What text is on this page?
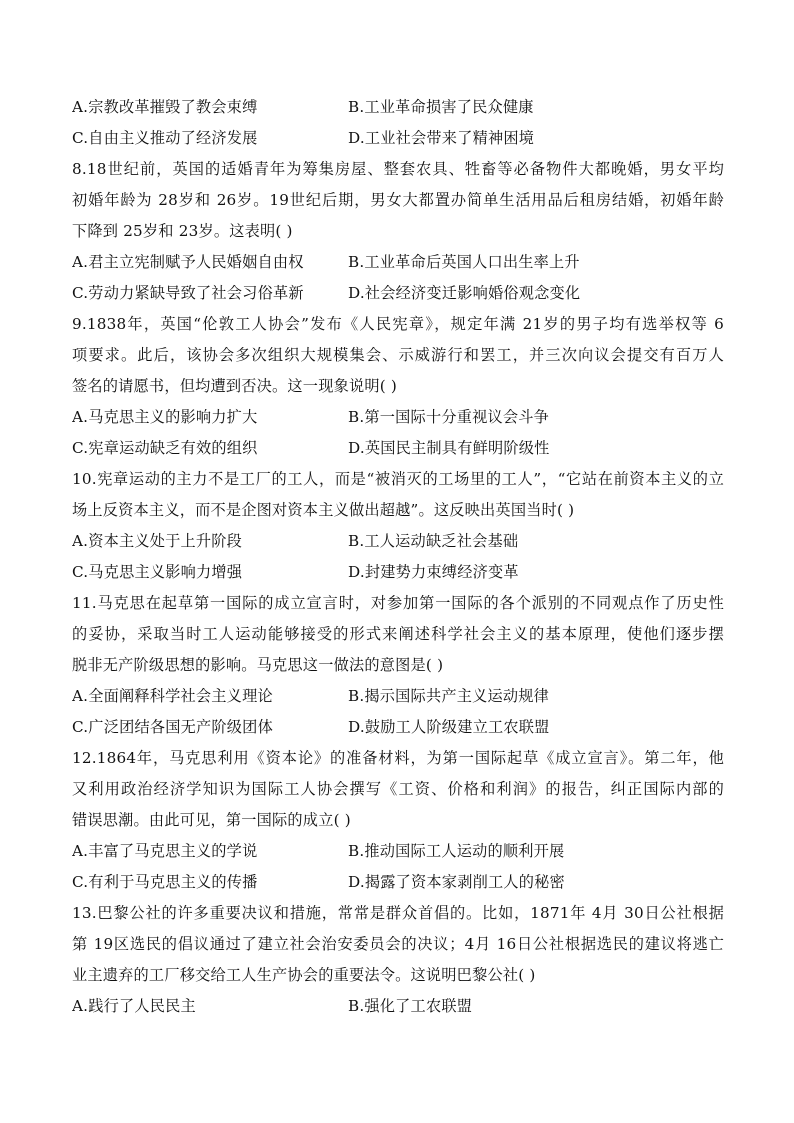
A.宗教改革摧毁了教会束缚	B.工业革命损害了民众健康
C.自由主义推动了经济发展	D.工业社会带来了精神困境
8.18世纪前，英国的适婚青年为筹集房屋、整套农具、牲畜等必备物件大都晚婚，男女平均
初婚年龄为 28岁和 26岁。19世纪后期，男女大都置办简单生活用品后租房结婚，初婚年龄
下降到 25岁和 23岁。这表明( )
A.君主立宪制赋予人民婚姻自由权	B.工业革命后英国人口出生率上升
C.劳动力紧缺导致了社会习俗革新	D.社会经济变迁影响婚俗观念变化
9.1838年，英国“伦敦工人协会”发布《人民宪章》，规定年满 21岁的男子均有选举权等 6
项要求。此后，该协会多次组织大规模集会、示威游行和罢工，并三次向议会提交有百万人
签名的请愿书，但均遭到否决。这一现象说明( )
A.马克思主义的影响力扩大	B.第一国际十分重视议会斗争
C.宪章运动缺乏有效的组织	D.英国民主制具有鲜明阶级性
10.宪章运动的主力不是工厂的工人，而是“被消灭的工场里的工人”，“它站在前资本主义的立
场上反资本主义，而不是企图对资本主义做出超越”。这反映出英国当时( )
A.资本主义处于上升阶段	B.工人运动缺乏社会基础
C.马克思主义影响力增强	D.封建势力束缚经济变革
11.马克思在起草第一国际的成立宣言时，对参加第一国际的各个派别的不同观点作了历史性
的妥协，采取当时工人运动能够接受的形式来阐述科学社会主义的基本原理，使他们逐步摆
脱非无产阶级思想的影响。马克思这一做法的意图是( )
A.全面阐释科学社会主义理论	B.揭示国际共产主义运动规律
C.广泛团结各国无产阶级团体	D.鼓励工人阶级建立工农联盟
12.1864年，马克思利用《资本论》的准备材料，为第一国际起草《成立宣言》。第二年，他
又利用政治经济学知识为国际工人协会撰写《工资、价格和利润》的报告，纠正国际内部的
错误思潮。由此可见，第一国际的成立( )
A.丰富了马克思主义的学说	B.推动国际工人运动的顺利开展
C.有利于马克思主义的传播	D.揭露了资本家剥削工人的秘密
13.巴黎公社的许多重要决议和措施，常常是群众首倡的。比如，1871年 4月 30日公社根据
第 19区选民的倡议通过了建立社会治安委员会的决议；4月 16日公社根据选民的建议将逃亡
业主遗弃的工厂移交给工人生产协会的重要法令。这说明巴黎公社( )
A.践行了人民民主	B.强化了工农联盟
